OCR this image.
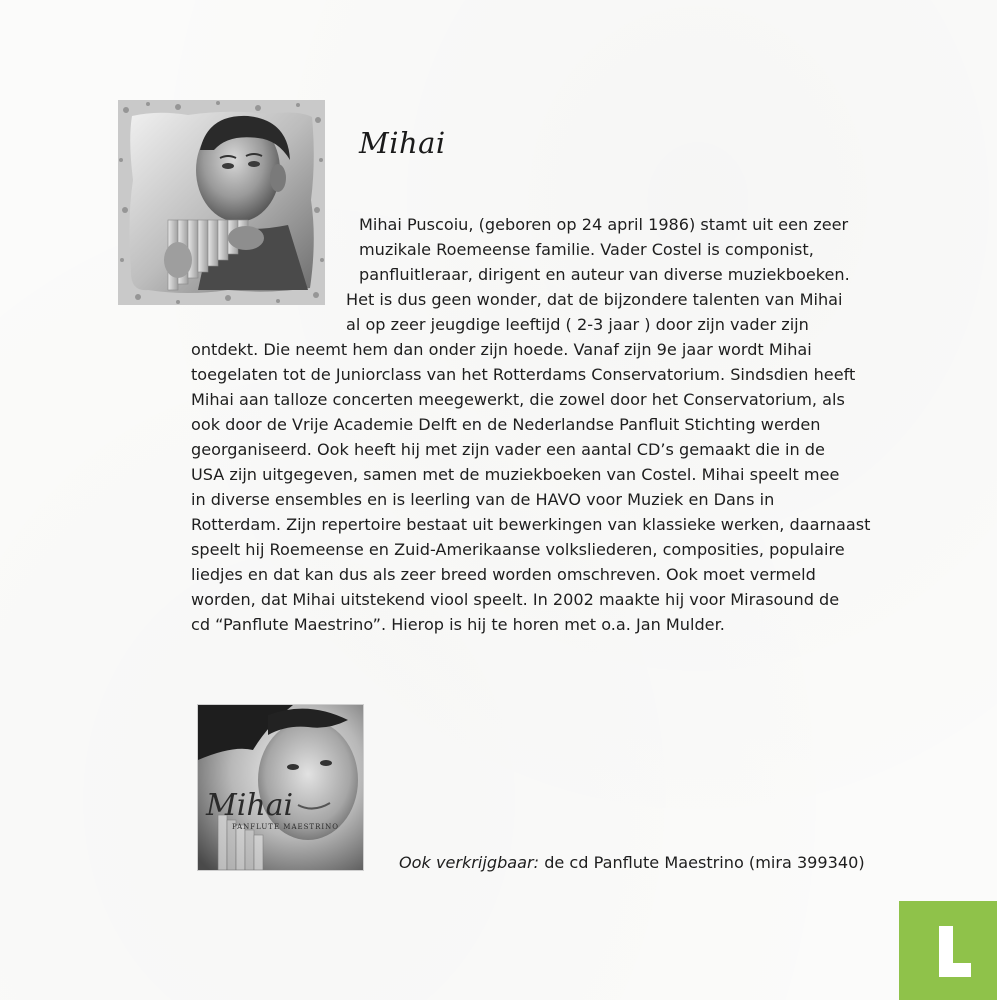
Mihai
Mihai Puscoiu, (geboren op 24 april 1986) stamt uit een zeer
muzikale Roemeense familie. Vader Costel is componist,
panfluitleraar, dirigent en auteur van diverse muziekboeken.
Het is dus geen wonder, dat de bijzondere talenten van Mihai
al op zeer jeugdige leeftijd ( 2-3 jaar ) door zijn vader zijn
ontdekt. Die neemt hem dan onder zijn hoede. Vanaf zijn 9e jaar wordt Mihai
toegelaten tot de Juniorclass van het Rotterdams Conservatorium. Sindsdien heeft
Mihai aan talloze concerten meegewerkt, die zowel door het Conservatorium, als
ook door de Vrije Academie Delft en de Nederlandse Panfluit Stichting werden
georganiseerd. Ook heeft hij met zijn vader een aantal CD’s gemaakt die in de
USA zijn uitgegeven, samen met de muziekboeken van Costel. Mihai speelt mee
in diverse ensembles en is leerling van de HAVO voor Muziek en Dans in
Rotterdam. Zijn repertoire bestaat uit bewerkingen van klassieke werken, daarnaast
speelt hij Roemeense en Zuid-Amerikaanse volksliederen, composities, populaire
liedjes en dat kan dus als zeer breed worden omschreven. Ook moet vermeld
worden, dat Mihai uitstekend viool speelt. In 2002 maakte hij voor Mirasound de
cd “Panflute Maestrino”. Hierop is hij te horen met o.a. Jan Mulder.
Mihai
PANFLUTE MAESTRINO
Ook verkrijgbaar: de cd Panflute Maestrino (mira 399340)
